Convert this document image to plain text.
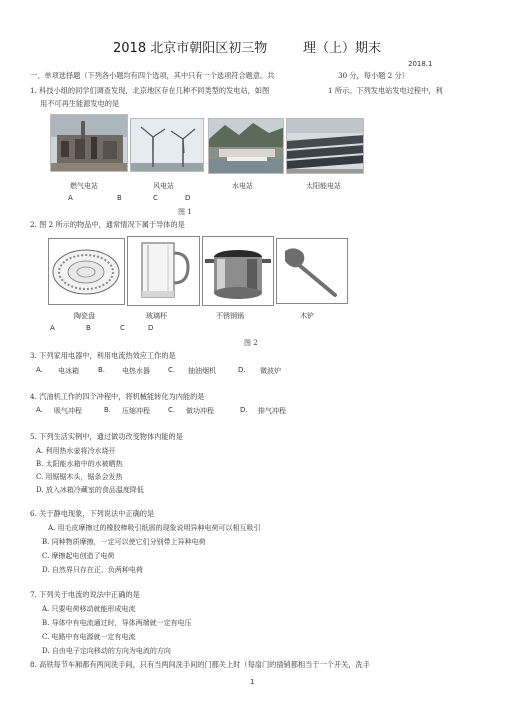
2018 北京市朝阳区初三物	理（上）期末
2018.1
一、单项选择题（下列各小题均有四个选项，其中只有一个选项符合题意。共	30 分，每小题 2 分）
1. 科技小组的同学们调查发现，北京地区存在几种不同类型的发电站，如图	1 所示。下列发电站发电过程中，利
用不可再生能源发电的是
燃气电站	风电站	水电站	太阳能电站
A	B	C	D
图 1
2. 图 2 所示的物品中，通常情况下属于导体的是
陶瓷盘	玻璃杯	不锈钢锅	木铲
A	B	C	D
图 2
3. 下列家用电器中，利用电流热效应工作的是
A. 电冰箱	B. 电热水器	C. 抽油烟机	D. 微波炉
4. 汽油机工作的四个冲程中，将机械能转化为内能的是
A. 吸气冲程	B. 压缩冲程	C. 做功冲程	D. 排气冲程
5. 下列生活实例中，通过做功改变物体内能的是
A. 利用热水壶将冷水烧开
B. 太阳能水箱中的水被晒热
C. 用锯锯木头，锯条会发热
D. 放入冰箱冷藏室的食品温度降低
6. 关于静电现象，下列说法中正确的是
A. 用毛皮摩擦过的橡胶棒吸引纸屑的现象说明异种电荷可以相互吸引
B. 同种物质摩擦，一定可以使它们分别带上异种电荷
C. 摩擦起电创造了电荷
D. 自然界只存在正、负两种电荷
7. 下列关于电流的说法中正确的是
A. 只要电荷移动就能形成电流
B. 导体中有电流通过时，导体两端就一定有电压
C. 电路中有电源就一定有电流
D. 自由电子定向移动的方向为电流的方向
8. 高铁每节车厢都有两间洗手间，只有当两间洗手间的门都关上时（每扇门的插销都相当于一个开关，洗手
1
